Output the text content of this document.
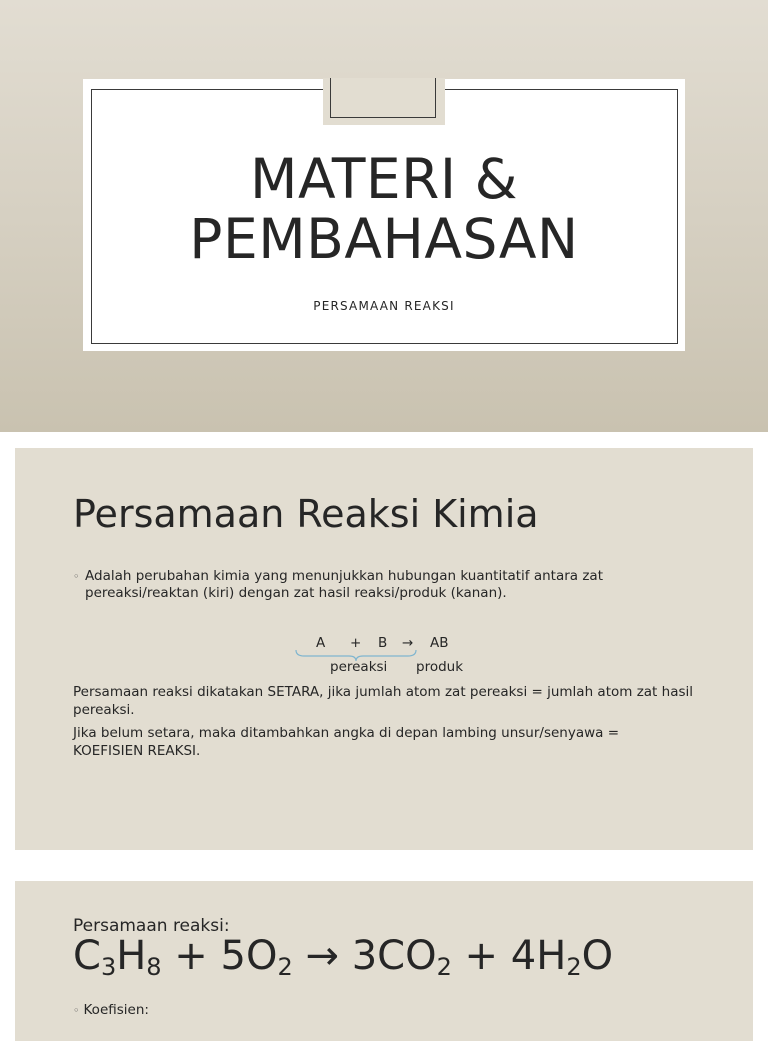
MATERI &
PEMBAHASAN
PERSAMAAN REAKSI
Persamaan Reaksi Kimia
◦ Adalah perubahan kimia yang menunjukkan hubungan kuantitatif antara zat pereaksi/reaktan (kiri) dengan zat hasil reaksi/produk (kanan).
A + B → AB
pereaksi produk

Persamaan reaksi dikatakan SETARA, jika jumlah atom zat pereaksi = jumlah atom zat hasil pereaksi.

Jika belum setara, maka ditambahkan angka di depan lambing unsur/senyawa = KOEFISIEN REAKSI.

Persamaan reaksi:
$C_3H_8 + 5O_2 \to 3CO_2 + 4H_2O$
◦ Koefisien:
